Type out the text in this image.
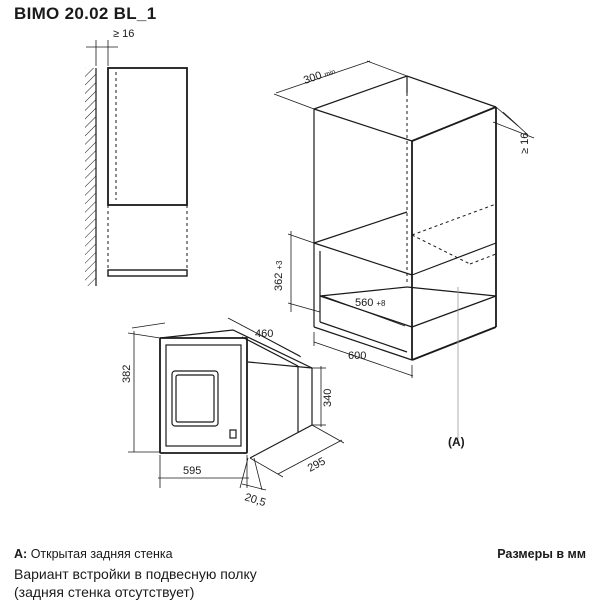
BIMO 20.02 BL_1
≥ 16
300min
≥ 16
362+3
560 +8
600
(A)
460
382
340
595
20,5
295
A: Открытая задняя стенка	Размеры в мм
Вариант встройки в подвесную полку
(задняя стенка отсутствует)
